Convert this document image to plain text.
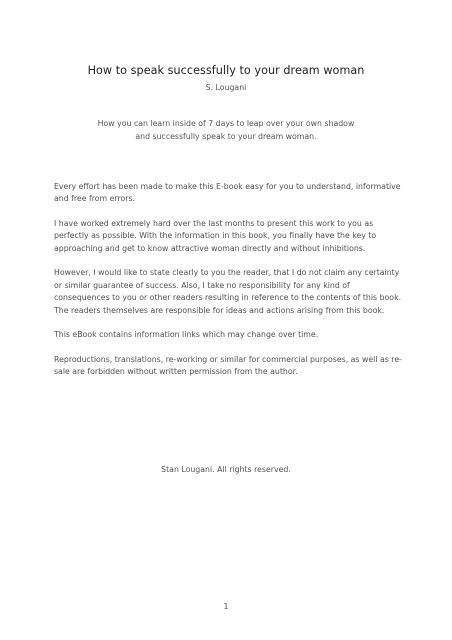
How to speak successfully to your dream woman
S. Lougani
How you can learn inside of 7 days to leap over your own shadow
and successfully speak to your dream woman.

Every effort has been made to make this E-book easy for you to understand, informative and free from errors.

I have worked extremely hard over the last months to present this work to you as perfectly as possible. With the information in this book, you finally have the key to approaching and get to know attractive woman directly and without inhibitions.

However, I would like to state clearly to you the reader, that I do not claim any certainty or similar guarantee of success. Also, I take no responsibility for any kind of consequences to you or other readers resulting in reference to the contents of this book. The readers themselves are responsible for ideas and actions arising from this book.

This eBook contains information links which may change over time.

Reproductions, translations, re-working or similar for commercial purposes, as well as re-sale are forbidden without written permission from the author.

Stan Lougani. All rights reserved.
1
